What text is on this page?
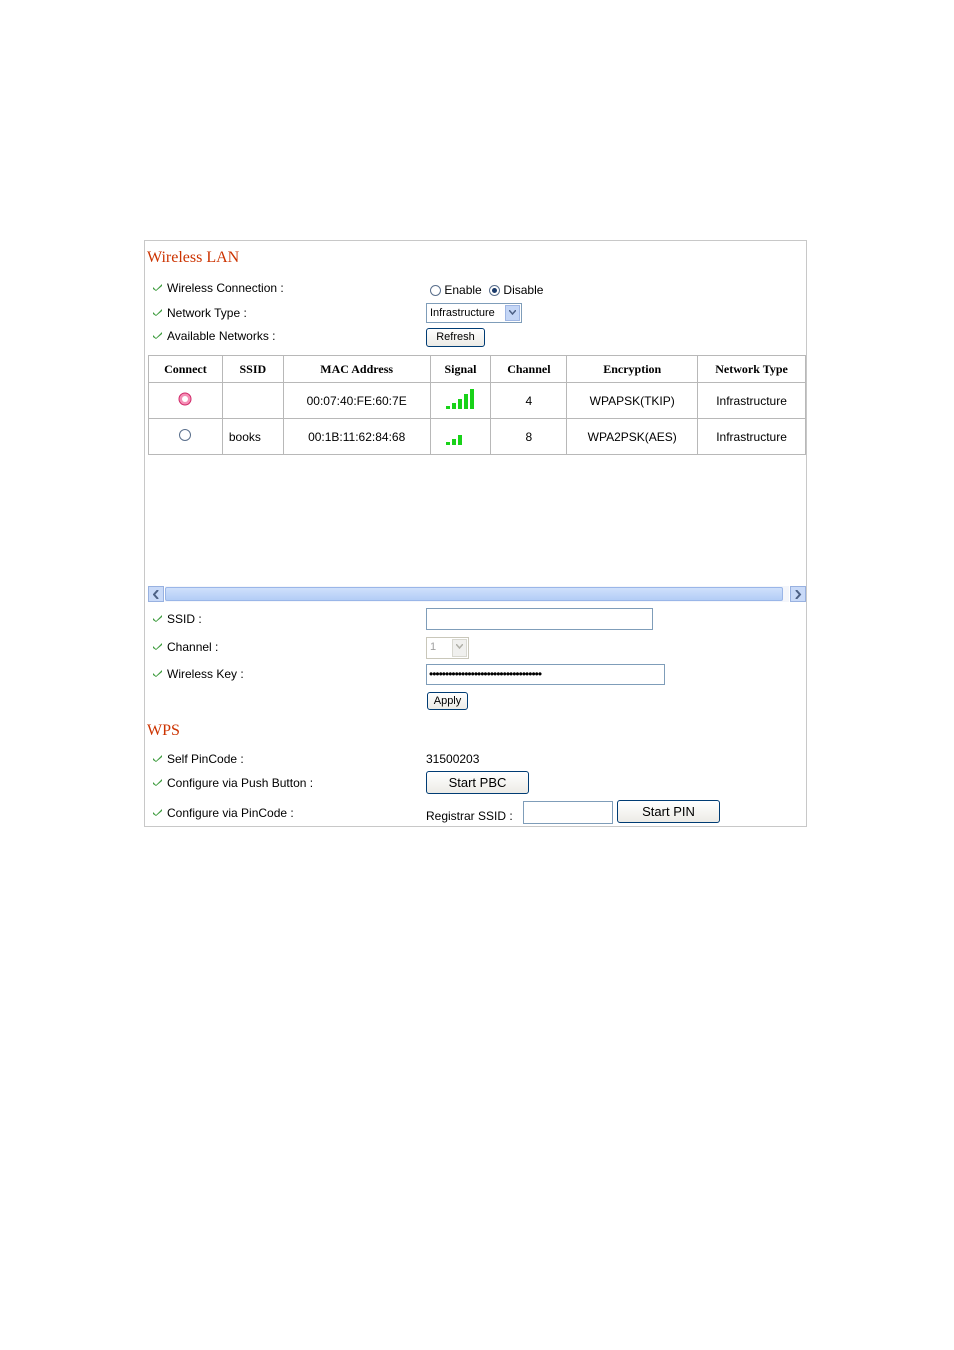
Wireless LAN
Wireless Connection :	Enable Disable
Network Type :	Infrastructure
Available Networks :	Refresh
Connect	SSID	MAC Address	Signal	Channel	Encryption	Network Type
		00:07:40:FE:60:7E		4	WPAPSK(TKIP)	Infrastructure
	books	00:1B:11:62:84:68		8	WPA2PSK(AES)	Infrastructure
SSID :
Channel :	1
Wireless Key :	•••••••••••••••••••••••••••••••••••
Apply
WPS
Self PinCode :	31500203
Configure via Push Button :	Start PBC
Configure via PinCode :	Registrar SSID :	Start PIN
